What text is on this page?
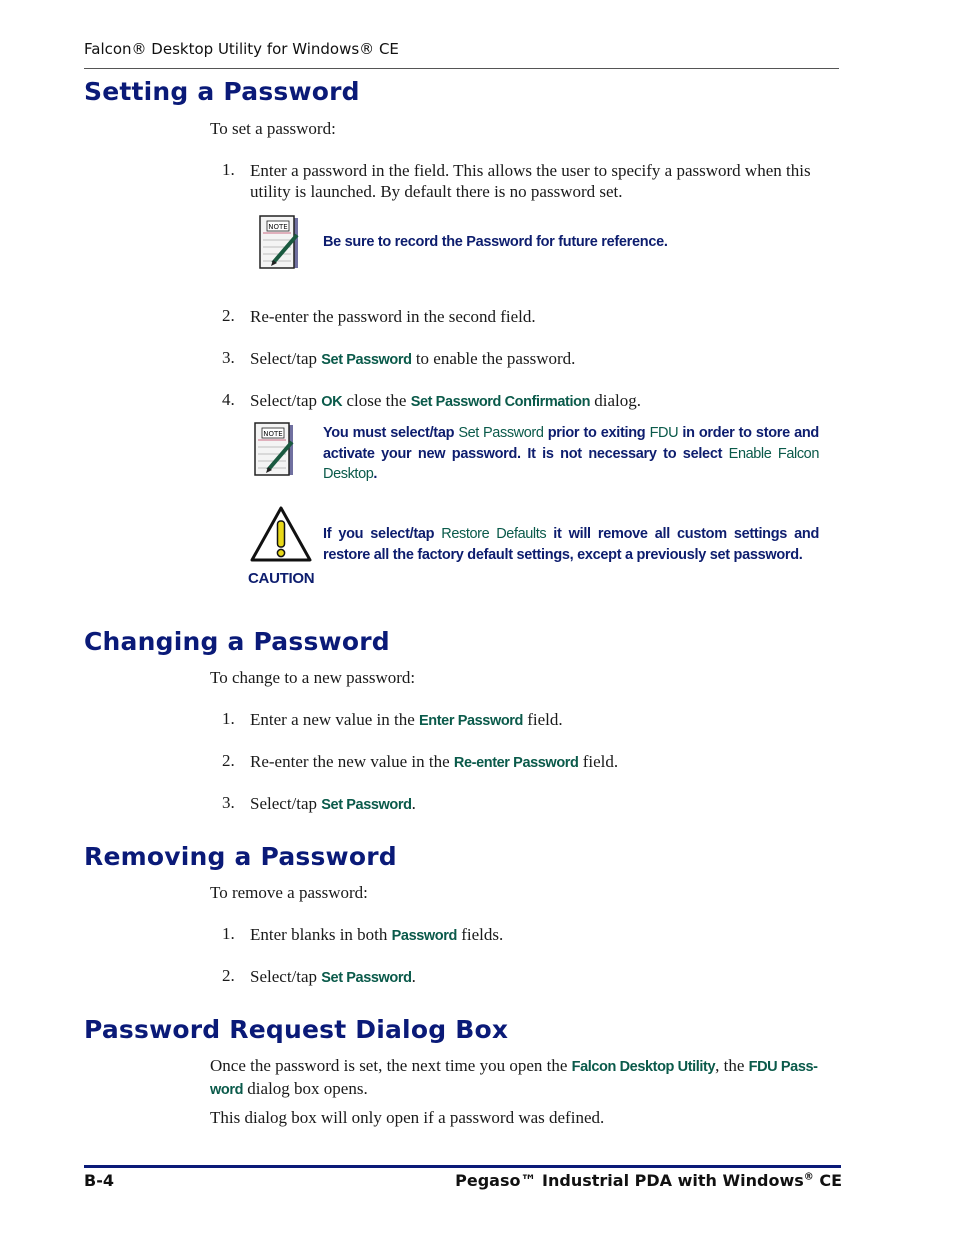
Falcon® Desktop Utility for Windows® CE
Setting a Password
To set a password:
1. Enter a password in the field. This allows the user to specify a password when this utility is launched. By default there is no password set.
NOTE
Be sure to record the Password for future reference.
2. Re-enter the password in the second field.
3. Select/tap Set Password to enable the password.
4. Select/tap OK close the Set Password Confirmation dialog.
NOTE	You must select/tap Set Password prior to exiting FDU in order to store and activate your new password. It is not necessary to select Enable Falcon Desktop.
CAUTION
If you select/tap Restore Defaults it will remove all custom settings and restore all the factory default settings, except a previously set password.
Changing a Password
To change to a new password:
1. Enter a new value in the Enter Password field.
2. Re-enter the new value in the Re-enter Password field.
3. Select/tap Set Password.
Removing a Password
To remove a password:
1. Enter blanks in both Password fields.
2. Select/tap Set Password.
Password Request Dialog Box
Once the password is set, the next time you open the Falcon Desktop Utility, the FDU Pass-word dialog box opens.
This dialog box will only open if a password was defined.
B-4	Pegaso™ Industrial PDA with Windows® CE
